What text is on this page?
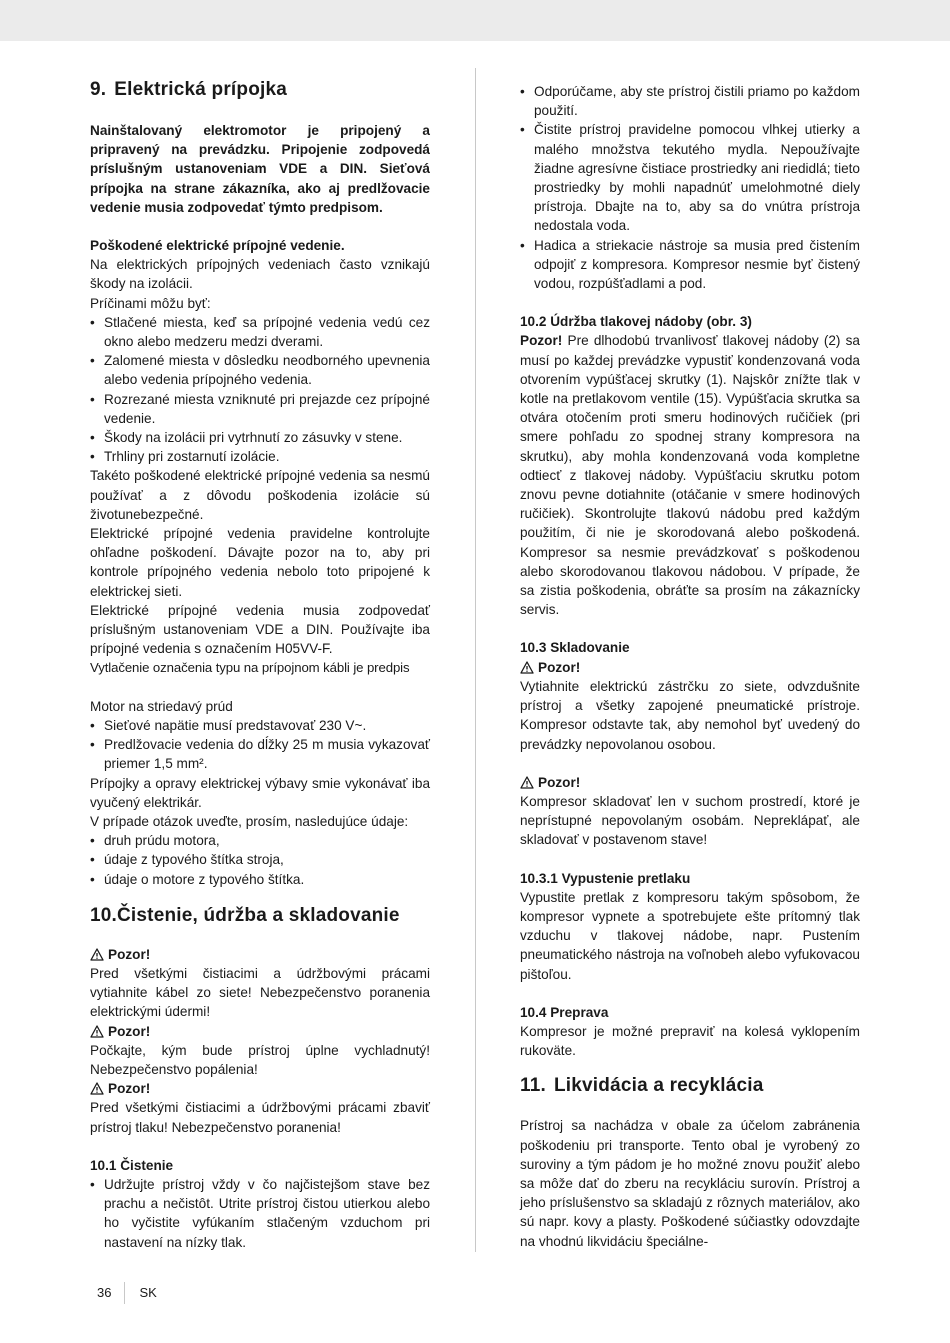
9. Elektrická prípojka

Nainštalovaný elektromotor je pripojený a pripravený na prevádzku. Pripojenie zodpovedá príslušným ustanoveniam VDE a DIN. Sieťová prípojka na strane zákazníka, ako aj predlžovacie vedenie musia zodpovedať týmto predpisom.

Poškodené elektrické prípojné vedenie.

Na elektrických prípojných vedeniach často vznikajú škody na izolácii.

Príčinami môžu byť:

• Stlačené miesta, keď sa prípojné vedenia vedú cez okno alebo medzeru medzi dverami.
• Zalomené miesta v dôsledku neodborného upevnenia alebo vedenia prípojného vedenia.
• Rozrezané miesta vzniknuté pri prejazde cez prípojné vedenie.
• Škody na izolácii pri vytrhnutí zo zásuvky v stene.
• Trhliny pri zostarnutí izolácie.

Takéto poškodené elektrické prípojné vedenia sa nesmú používať a z dôvodu poškodenia izolácie sú životunebezpečné.

Elektrické prípojné vedenia pravidelne kontrolujte ohľadne poškodení. Dávajte pozor na to, aby pri kontrole prípojného vedenia nebolo toto pripojené k elektrickej sieti.

Elektrické prípojné vedenia musia zodpovedať príslušným ustanoveniam VDE a DIN. Používajte iba prípojné vedenia s označením H05VV-F.

Vytlačenie označenia typu na prípojnom kábli je predpis

Motor na striedavý prúd

• Sieťové napätie musí predstavovať 230 V~.
• Predlžovacie vedenia do dĺžky 25 m musia vykazovať priemer 1,5 mm².

Prípojky a opravy elektrickej výbavy smie vykonávať iba vyučený elektrikár.

V prípade otázok uveďte, prosím, nasledujúce údaje:

• druh prúdu motora,
• údaje z typového štítka stroja,
• údaje o motore z typového štítka.
10.Čistenie, údržba a skladovanie
Pozor!

Pred všetkými čistiacimi a údržbovými prácami vytiahnite kábel zo siete! Nebezpečenstvo poranenia elektrickými údermi!

Pozor!

Počkajte, kým bude prístroj úplne vychladnutý! Nebezpečenstvo popálenia!

Pozor!

Pred všetkými čistiacimi a údržbovými prácami zbaviť prístroj tlaku! Nebezpečenstvo poranenia!

10.1 Čistenie
• Udržujte prístroj vždy v čo najčistejšom stave bez prachu a nečistôt. Utrite prístroj čistou utierkou alebo ho vyčistite vyfúkaním stlačeným vzduchom pri nastavení na nízky tlak.
• Odporúčame, aby ste prístroj čistili priamo po každom použití.
• Čistite prístroj pravidelne pomocou vlhkej utierky a malého množstva tekutého mydla. Nepoužívajte žiadne agresívne čistiace prostriedky ani riedidlá; tieto prostriedky by mohli napadnúť umelohmotné diely prístroja. Dbajte na to, aby sa do vnútra prístroja nedostala voda.
• Hadica a striekacie nástroje sa musia pred čistením odpojiť z kompresora. Kompresor nesmie byť čistený vodou, rozpúšťadlami a pod.
10.2 Údržba tlakovej nádoby (obr. 3)

Pozor! Pre dlhodobú trvanlivosť tlakovej nádoby (2) sa musí po každej prevádzke vypustiť kondenzovaná voda otvorením vypúšťacej skrutky (1). Najskôr znížte tlak v kotle na pretlakovom ventile (15). Vypúšťacia skrutka sa otvára otočením proti smeru hodinových ručičiek (pri smere pohľadu zo spodnej strany kompresora na skrutku), aby mohla kondenzovaná voda kompletne odtiecť z tlakovej nádoby. Vypúšťaciu skrutku potom znovu pevne dotiahnite (otáčanie v smere hodinových ručičiek). Skontrolujte tlakovú nádobu pred každým použitím, či nie je skorodovaná alebo poškodená. Kompresor sa nesmie prevádzkovať s poškodenou alebo skorodovanou tlakovou nádobou. V prípade, že sa zistia poškodenia, obráťte sa prosím na zákaznícky servis.

10.3 Skladovanie
Pozor!

Vytiahnite elektrickú zástrčku zo siete, odvzdušnite prístroj a všetky zapojené pneumatické prístroje. Kompresor odstavte tak, aby nemohol byť uvedený do prevádzky nepovolanou osobou.

Pozor!

Kompresor skladovať len v suchom prostredí, ktoré je neprístupné nepovolaným osobám. Nepreklápať, ale skladovať v postavenom stave!

10.3.1 Vypustenie pretlaku

Vypustite pretlak z kompresoru takým spôsobom, že kompresor vypnete a spotrebujete ešte prítomný tlak vzduchu v tlakovej nádobe, napr. Pustením pneumatického nástroja na voľnobeh alebo vyfukovacou pištoľou.

10.4 Preprava

Kompresor je možné prepraviť na kolesá vyklopením rukoväte.

11. Likvidácia a recyklácia

Prístroj sa nachádza v obale za účelom zabránenia poškodeniu pri transporte. Tento obal je vyrobený zo suroviny a tým pádom je ho možné znovu použiť alebo sa môže dať do zberu na recykláciu surovín. Prístroj a jeho príslušenstvo sa skladajú z rôznych materiálov, ako sú napr. kovy a plasty. Poškodené súčiastky odovzdajte na vhodnú likvidáciu špeciálne-

36 SK
